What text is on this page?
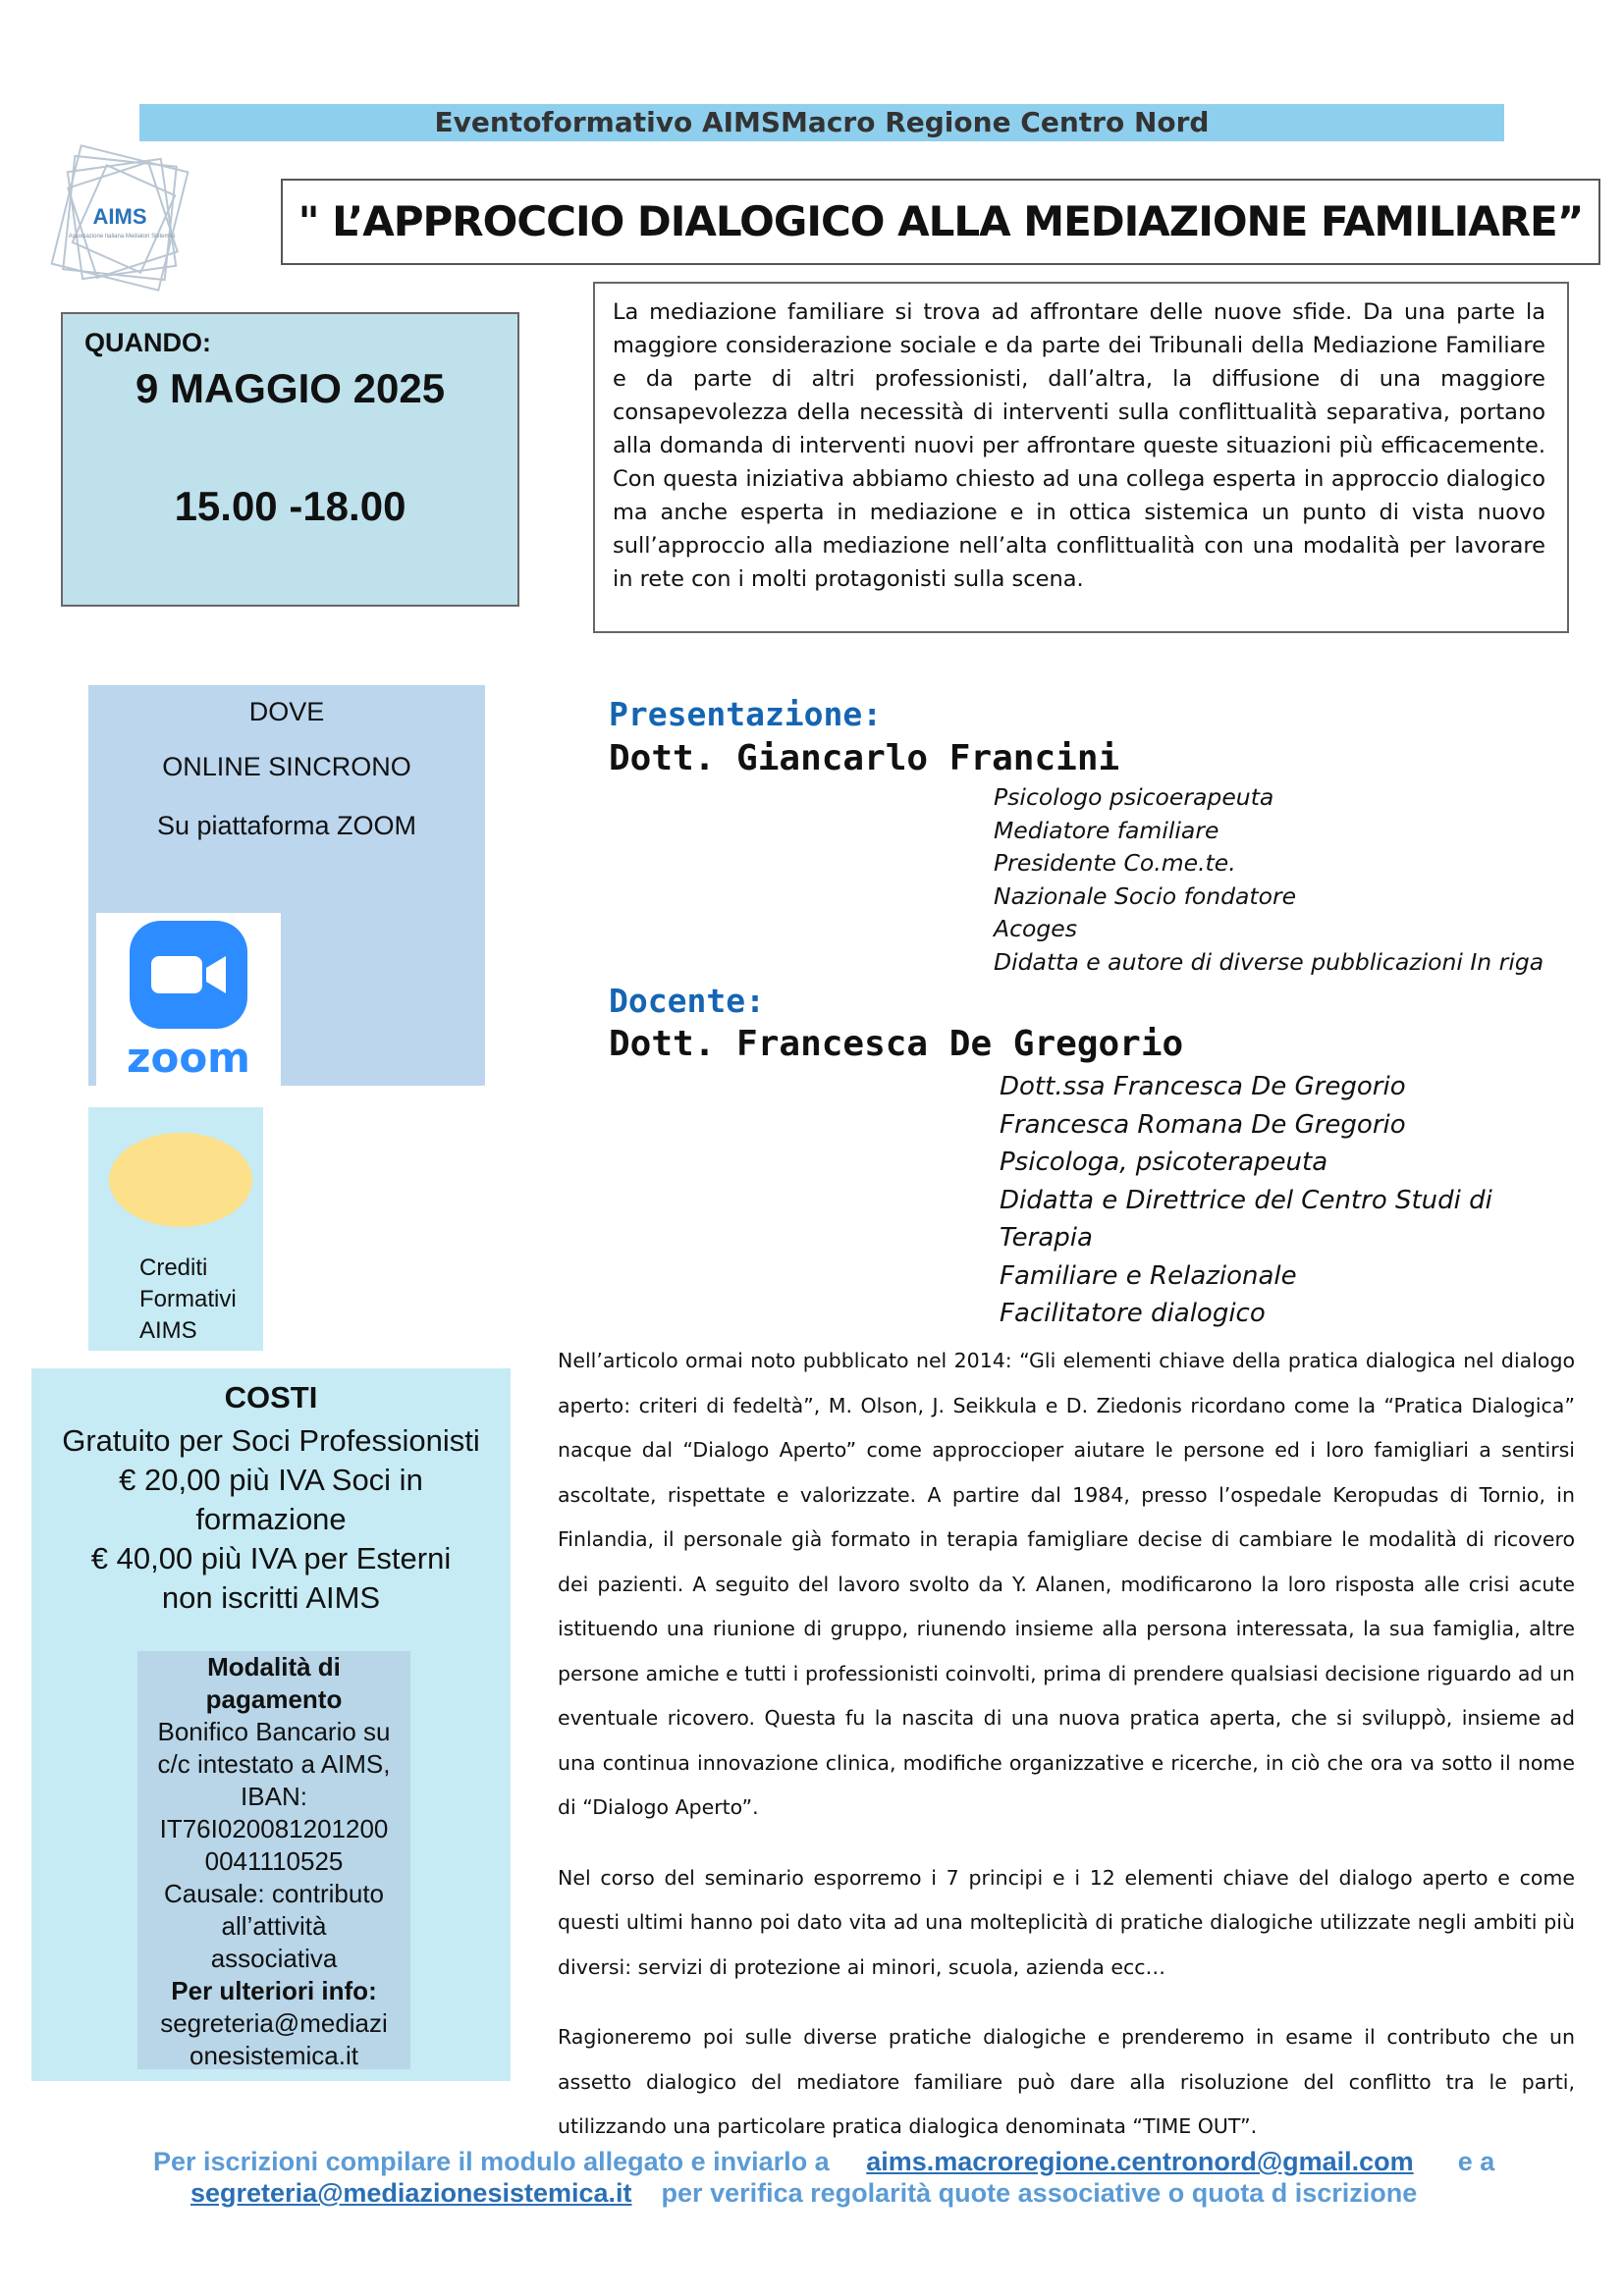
Eventoformativo AIMSMacro Regione Centro Nord
AIMS
Associazione Italiana Mediatori Sistemici	" L’APPROCCIO DIALOGICO ALLA MEDIAZIONE FAMILIARE”
QUANDO:
9 MAGGIO 2025
15.00 -18.00
La mediazione familiare si trova ad affrontare delle nuove sfide. Da una parte la maggiore considerazione sociale e da parte dei Tribunali della Mediazione Familiare e da parte di altri professionisti, dall’altra, la diffusione di una maggiore consapevolezza della necessità di interventi sulla conflittualità separativa, portano alla domanda di interventi nuovi per affrontare queste situazioni più efficacemente. Con questa iniziativa abbiamo chiesto ad una collega esperta in approccio dialogico ma anche esperta in mediazione e in ottica sistemica un punto di vista nuovo sull’approccio alla mediazione nell’alta conflittualità con una modalità per lavorare in rete con i molti protagonisti sulla scena.
DOVE
ONLINE SINCRONO
Su piattaforma ZOOM
zoom
Crediti
Formativi
AIMS
COSTI
Gratuito per Soci Professionisti
€ 20,00 più IVA Soci in
formazione
€ 40,00 più IVA per Esterni
non iscritti AIMS
Modalità di
pagamento
Bonifico Bancario su
c/c intestato a AIMS,
IBAN:
IT76I020081201200
0041110525
Causale: contributo
all’attività
associativa
Per ulteriori info:
segreteria@mediazi
onesistemica.it
Presentazione:
Dott. Giancarlo Francini
Psicologo psicoerapeuta
Mediatore familiare
Presidente Co.me.te.
Nazionale Socio fondatore
Acoges
Didatta e autore di diverse pubblicazioni In riga
Docente:
Dott. Francesca De Gregorio
Dott.ssa Francesca De Gregorio
Francesca Romana De Gregorio
Psicologa, psicoterapeuta
Didatta e Direttrice del Centro Studi di Terapia
Familiare e Relazionale
Facilitatore dialogico

Nell’articolo ormai noto pubblicato nel 2014: “Gli elementi chiave della pratica dialogica nel dialogo aperto: criteri di fedeltà”, M. Olson, J. Seikkula e D. Ziedonis ricordano come la “Pratica Dialogica” nacque dal “Dialogo Aperto” come approccioper aiutare le persone ed i loro famigliari a sentirsi ascoltate, rispettate e valorizzate. A partire dal 1984, presso l’ospedale Keropudas di Tornio, in Finlandia, il personale già formato in terapia famigliare decise di cambiare le modalità di ricovero dei pazienti. A seguito del lavoro svolto da Y. Alanen, modificarono la loro risposta alle crisi acute istituendo una riunione di gruppo, riunendo insieme alla persona interessata, la sua famiglia, altre persone amiche e tutti i professionisti coinvolti, prima di prendere qualsiasi decisione riguardo ad un eventuale ricovero. Questa fu la nascita di una nuova pratica aperta, che si sviluppò, insieme ad una continua innovazione clinica, modifiche organizzative e ricerche, in ciò che ora va sotto il nome di “Dialogo Aperto”.

Nel corso del seminario esporremo i 7 principi e i 12 elementi chiave del dialogo aperto e come questi ultimi hanno poi dato vita ad una molteplicità di pratiche dialogiche utilizzate negli ambiti più diversi: servizi di protezione ai minori, scuola, azienda ecc…

Ragioneremo poi sulle diverse pratiche dialogiche e prenderemo in esame il contributo che un assetto dialogico del mediatore familiare può dare alla risoluzione del conflitto tra le parti, utilizzando una particolare pratica dialogica denominata “TIME OUT”.

Per iscrizioni compilare il modulo allegato e inviarlo a aims.macroregione.centronord@gmail.com e a
segreteria@mediazionesistemica.it per verifica regolarità quote associative o quota d iscrizione
